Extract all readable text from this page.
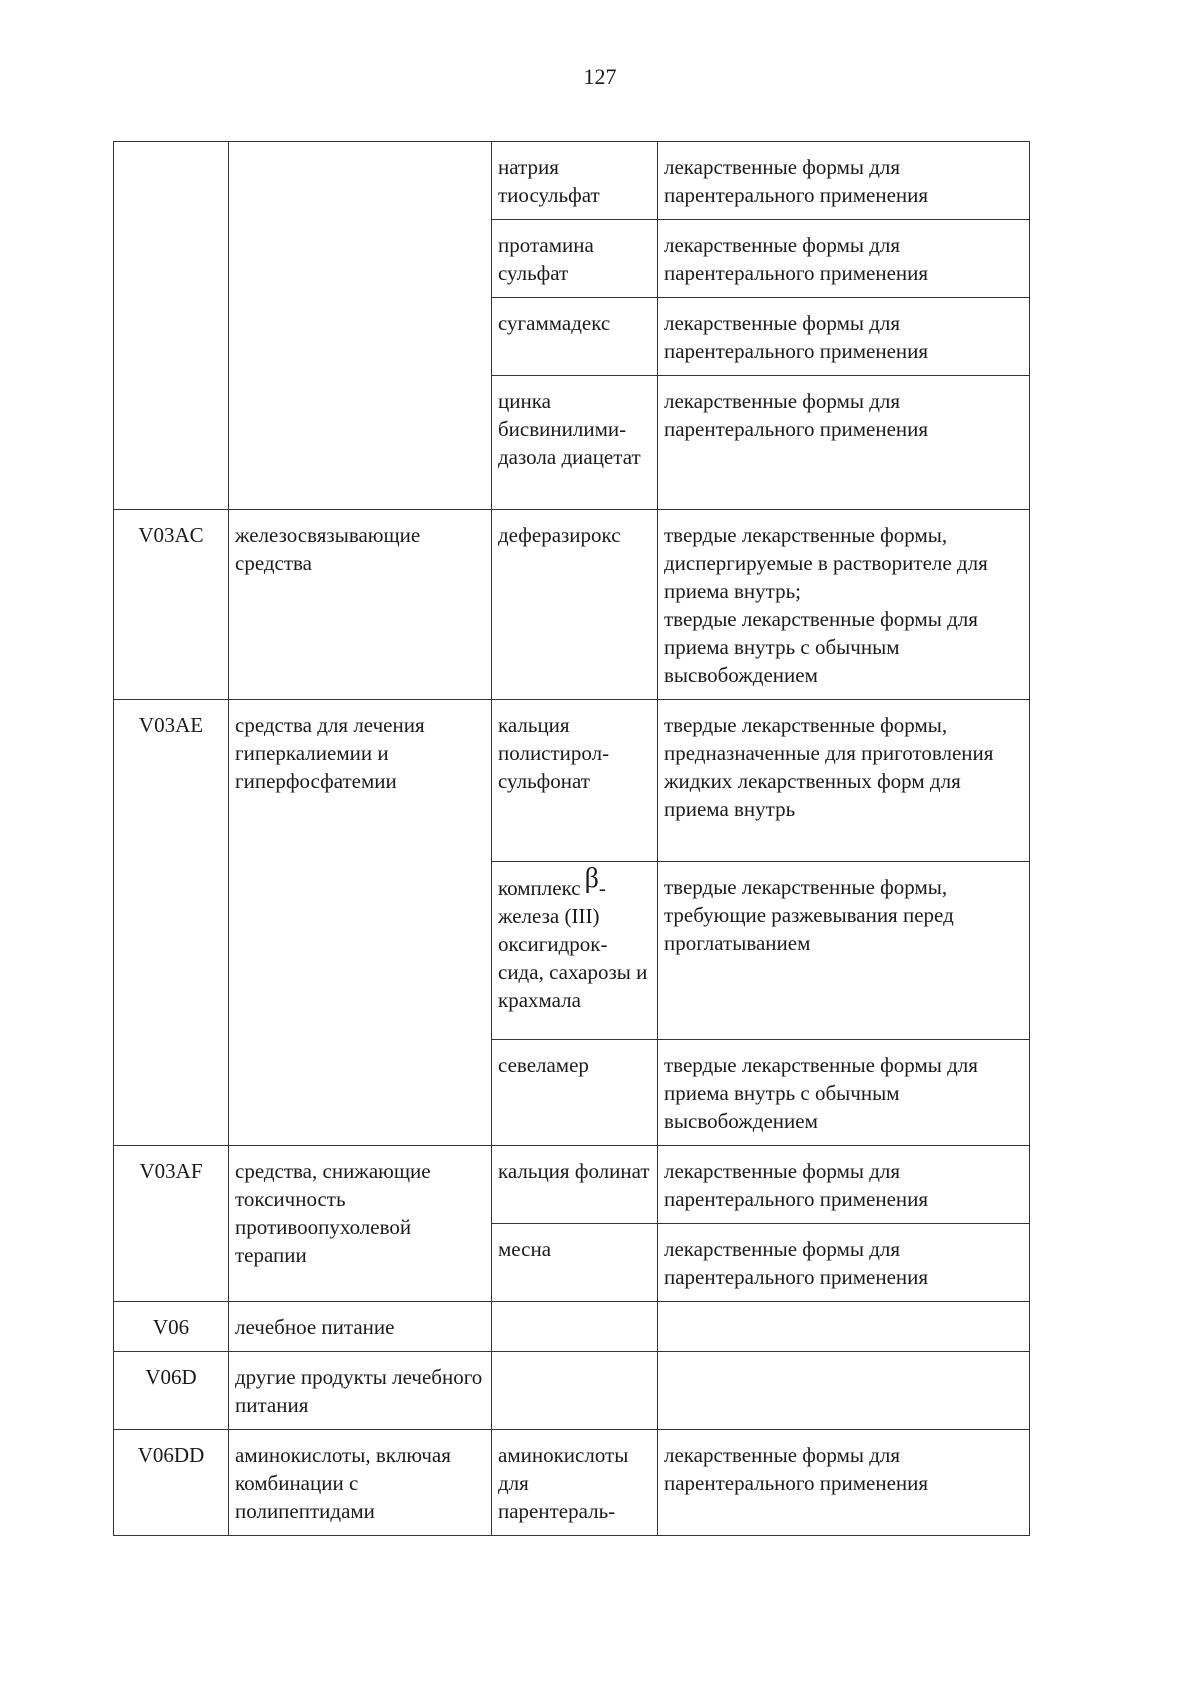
127
		натрия тиосульфат	лекарственные формы для парентерального применения

		протамина сульфат	лекарственные формы для парентерального применения

		сугаммадекс	лекарственные формы для парентерального применения

		цинка бисвинилими-дазола диацетат	лекарственные формы для парентерального применения

V03AC	железосвязывающие средства	деферазирокс	твердые лекарственные формы, диспергируемые в растворителе для приема внутрь;
твердые лекарственные формы для приема внутрь с обычным высвобождением

V03AE	средства для лечения гиперкалиемии и гиперфосфатемии	кальция полистирол-сульфонат	твердые лекарственные формы, предназначенные для приготовления жидких лекарственных форм для приема внутрь

		комплекс β- железа (III) оксигидрок-сида, сахарозы и крахмала	твердые лекарственные формы, требующие разжевывания перед проглатыванием

		севеламер	твердые лекарственные формы для приема внутрь с обычным высвобождением

V03AF	средства, снижающие токсичность противоопухолевой терапии	кальция фолинат	лекарственные формы для парентерального применения

		месна	лекарственные формы для парентерального применения

V06	лечебное питание		

V06D	другие продукты лечебного питания		

V06DD	аминокислоты, включая комбинации с полипептидами	аминокислоты для парентераль-	лекарственные формы для парентерального применения
